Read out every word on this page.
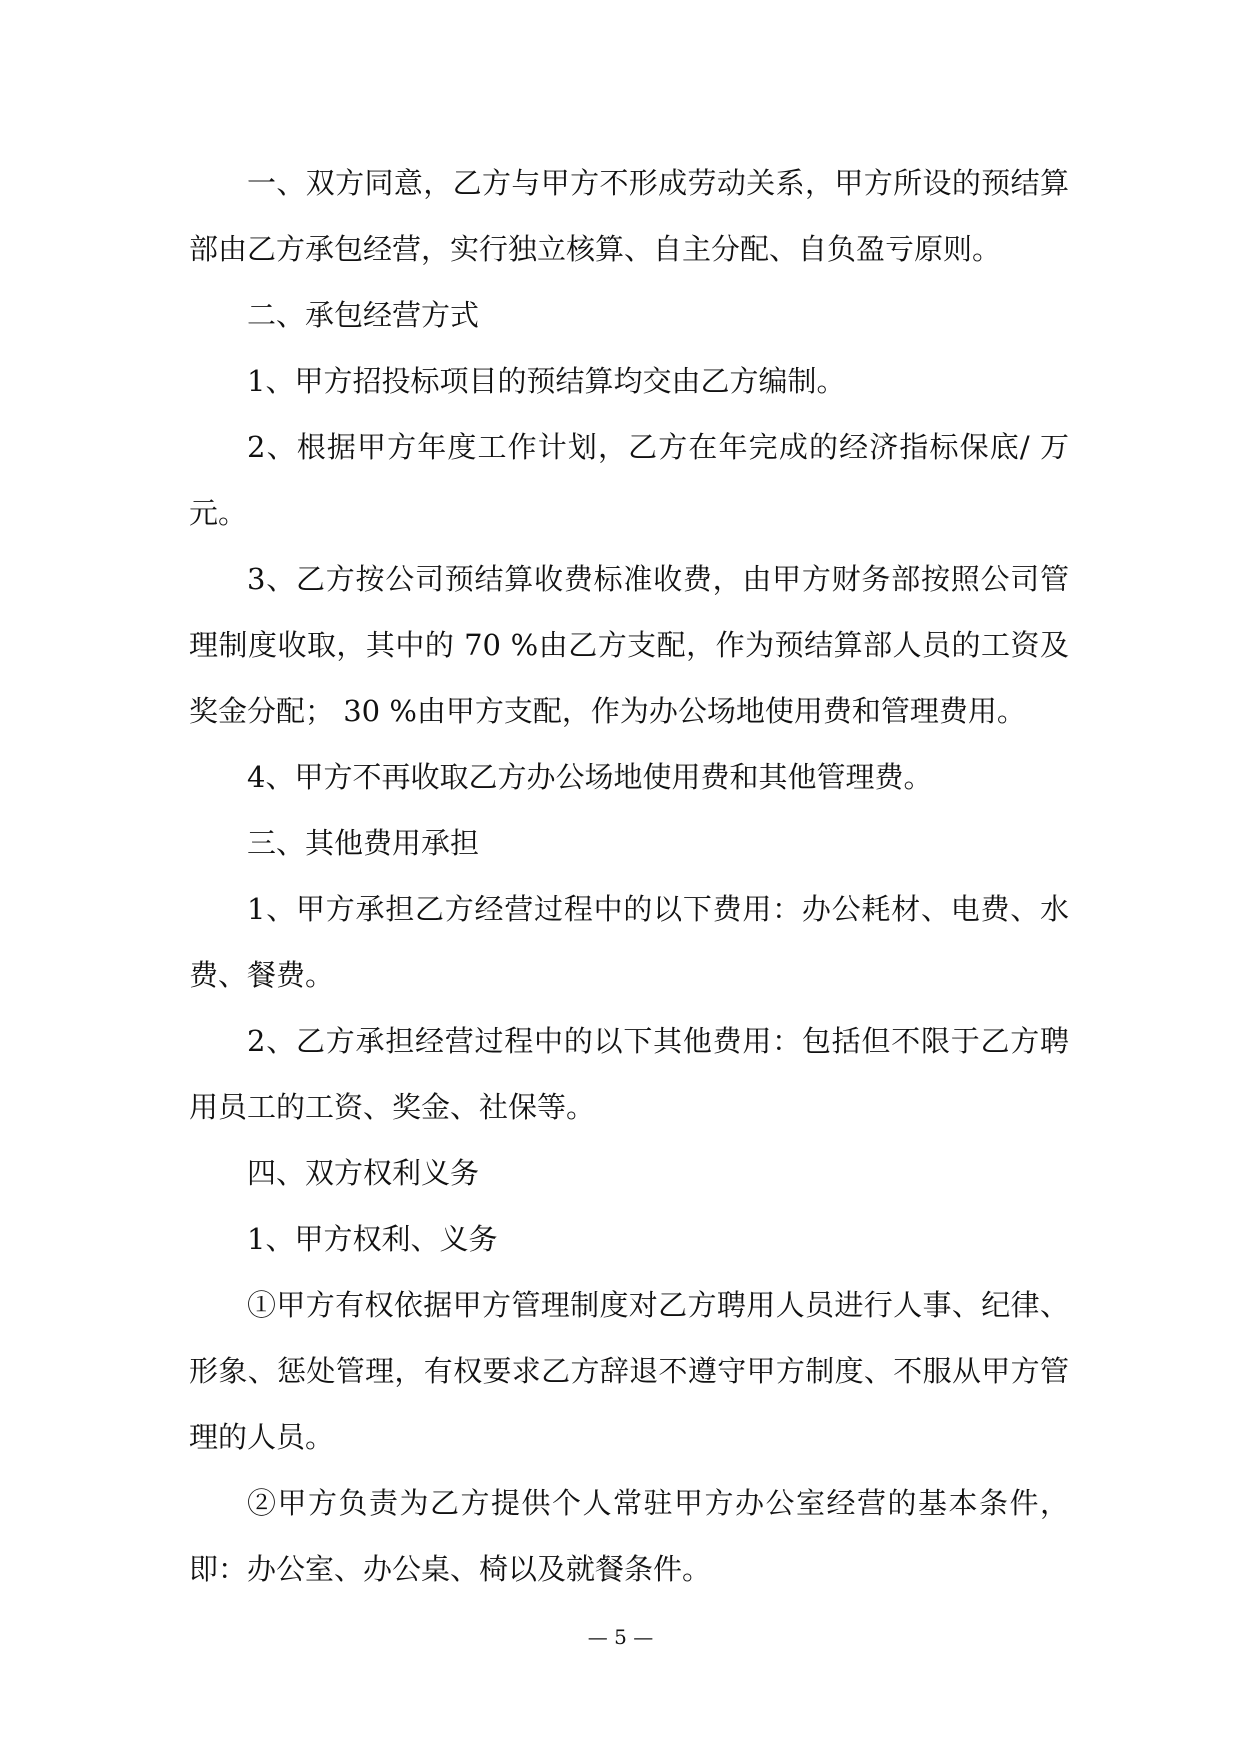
一、双方同意，乙方与甲方不形成劳动关系，甲方所设的预结算部由乙方承包经营，实行独立核算、自主分配、自负盈亏原则。

二、承包经营方式

1、甲方招投标项目的预结算均交由乙方编制。

2、根据甲方年度工作计划，乙方在年完成的经济指标保底/ 万元。

3、乙方按公司预结算收费标准收费，由甲方财务部按照公司管理制度收取，其中的 70 %由乙方支配，作为预结算部人员的工资及奖金分配； 30 %由甲方支配，作为办公场地使用费和管理费用。

4、甲方不再收取乙方办公场地使用费和其他管理费。

三、其他费用承担

1、甲方承担乙方经营过程中的以下费用：办公耗材、电费、水费、餐费。

2、乙方承担经营过程中的以下其他费用：包括但不限于乙方聘用员工的工资、奖金、社保等。

四、双方权利义务

1、甲方权利、义务

①甲方有权依据甲方管理制度对乙方聘用人员进行人事、纪律、形象、惩处管理，有权要求乙方辞退不遵守甲方制度、不服从甲方管理的人员。

②甲方负责为乙方提供个人常驻甲方办公室经营的基本条件，即：办公室、办公桌、椅以及就餐条件。

— 5 —
